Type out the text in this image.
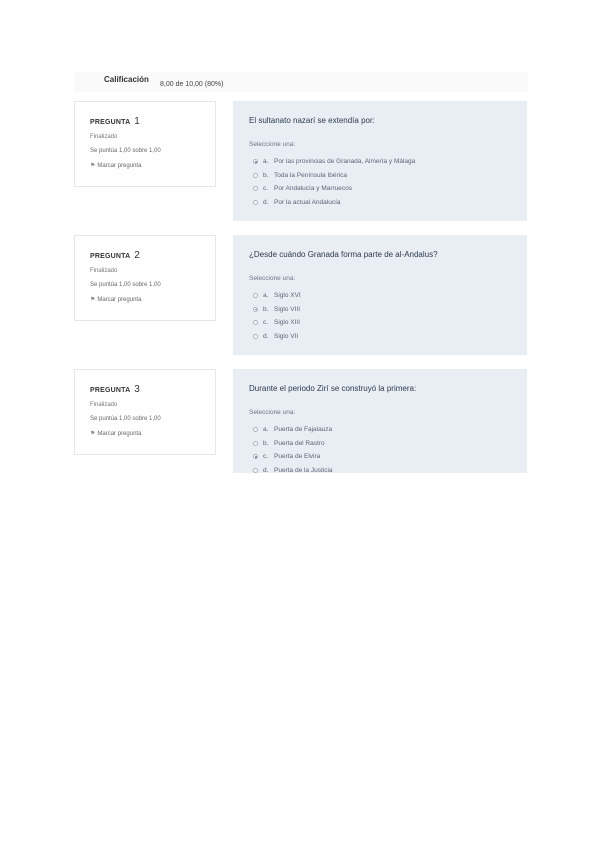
Calificación
8,00 de 10,00 (80%)
PREGUNTA 1
Finalizado
Se puntúa 1,00 sobre 1,00
⚑ Marcar pregunta
El sultanato nazarí se extendía por:
Seleccione una:
a. Por las provincias de Granada, Almería y Málaga
b. Toda la Península Ibérica
c. Por Andalucía y Marruecos
d. Por la actual Andalucía
PREGUNTA 2
Finalizado
Se puntúa 1,00 sobre 1,00
⚑ Marcar pregunta
¿Desde cuándo Granada forma parte de al-Andalus?
Seleccione una:
a. Siglo XVI
b. Siglo VIII
c. Siglo XIII
d. Siglo VII
PREGUNTA 3
Finalizado
Se puntúa 1,00 sobre 1,00
⚑ Marcar pregunta
Durante el periodo Zirí se construyó la primera:
Seleccione una:
a. Puerta de Fajalauza
b. Puerta del Rastro
c. Puerta de Elvira
d. Puerta de la Justicia
